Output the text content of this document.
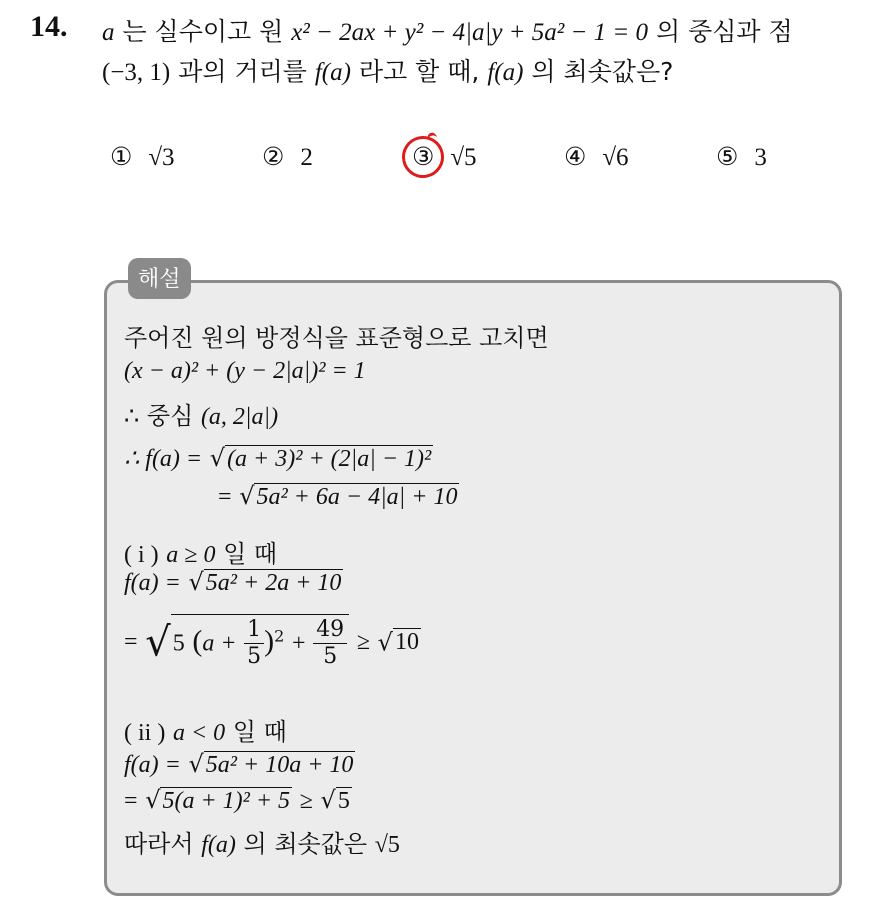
14. a 는 실수이고 원 x² − 2ax + y² − 4|a|y + 5a² − 1 = 0 의 중심과 점
(−3, 1) 과의 거리를 f(a) 라고 할 때, f(a) 의 최솟값은?
① √3	② 2	③ √5	④ √6	⑤ 3
해설
주어진 원의 방정식을 표준형으로 고치면
(x − a)² + (y − 2|a|)² = 1
∴ 중심 (a, 2|a|)
∴ f(a) = √(a + 3)² + (2|a| − 1)²
= √5a² + 6a − 4|a| + 10
( i ) a ≥ 0 일 때
f(a) = √5a² + 2a + 10
= √5 $(a + \frac{1}{5} )^2 + \frac{49}{5} \ge √10$
( ii ) a < 0 일 때
f(a) = √5a² + 10a + 10
= √5(a + 1)² + 5 ≥ √5
따라서 f(a) 의 최솟값은 √5
